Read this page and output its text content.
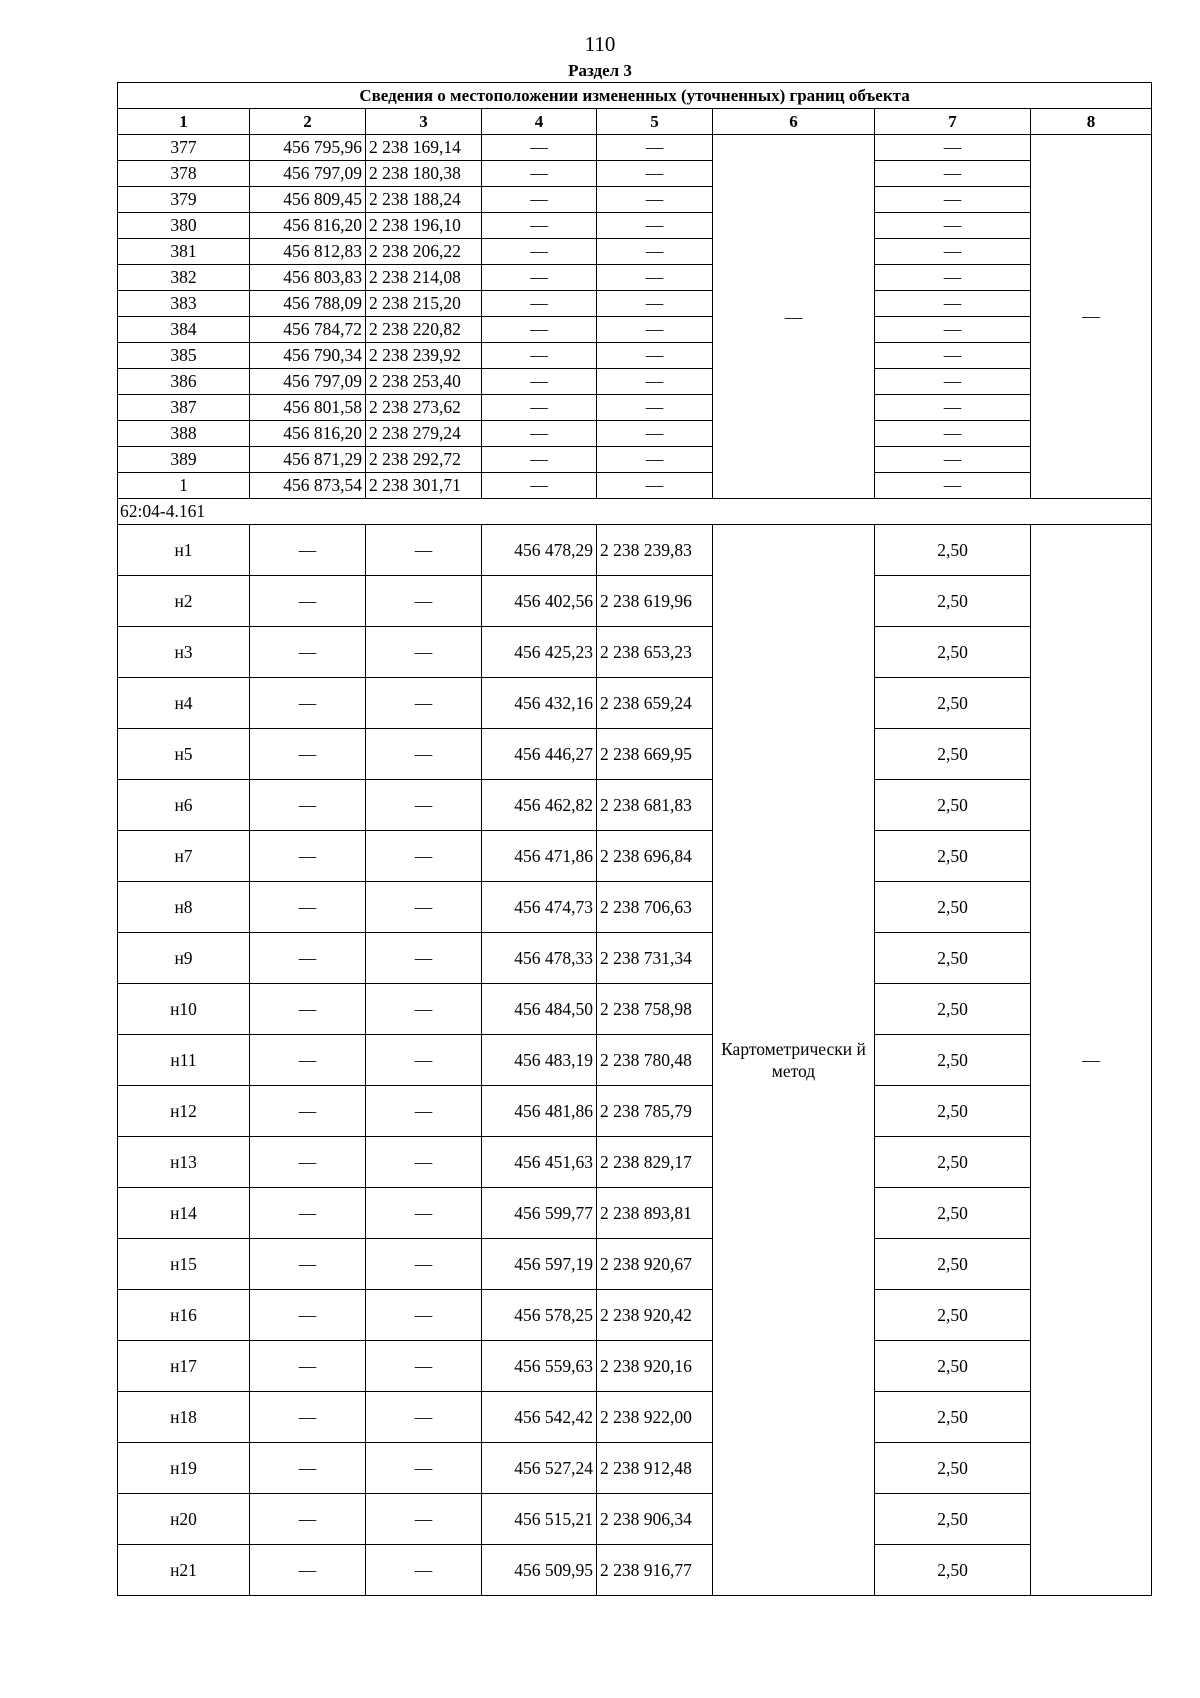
110
Раздел 3
Сведения о местоположении измененных (уточненных) границ объекта							
1	2	3	4	5	6	7	8
377	456 795,96	2 238 169,14	—	—	—	—	—
378	456 797,09	2 238 180,38	—	—		—	
379	456 809,45	2 238 188,24	—	—		—	
380	456 816,20	2 238 196,10	—	—		—	
381	456 812,83	2 238 206,22	—	—		—	
382	456 803,83	2 238 214,08	—	—		—	
383	456 788,09	2 238 215,20	—	—		—	
384	456 784,72	2 238 220,82	—	—		—	
385	456 790,34	2 238 239,92	—	—		—	
386	456 797,09	2 238 253,40	—	—		—	
387	456 801,58	2 238 273,62	—	—		—	
388	456 816,20	2 238 279,24	—	—		—	
389	456 871,29	2 238 292,72	—	—		—	
1	456 873,54	2 238 301,71	—	—		—	
62:04-4.161							
н1	—	—	456 478,29	2 238 239,83	Картометрически й метод	2,50	—
н2	—	—	456 402,56	2 238 619,96		2,50	
н3	—	—	456 425,23	2 238 653,23		2,50	
н4	—	—	456 432,16	2 238 659,24		2,50	
н5	—	—	456 446,27	2 238 669,95		2,50	
н6	—	—	456 462,82	2 238 681,83		2,50	
н7	—	—	456 471,86	2 238 696,84		2,50	
н8	—	—	456 474,73	2 238 706,63		2,50	
н9	—	—	456 478,33	2 238 731,34		2,50	
н10	—	—	456 484,50	2 238 758,98		2,50	
н11	—	—	456 483,19	2 238 780,48		2,50	
н12	—	—	456 481,86	2 238 785,79		2,50	
н13	—	—	456 451,63	2 238 829,17		2,50	
н14	—	—	456 599,77	2 238 893,81		2,50	
н15	—	—	456 597,19	2 238 920,67		2,50	
н16	—	—	456 578,25	2 238 920,42		2,50	
н17	—	—	456 559,63	2 238 920,16		2,50	
н18	—	—	456 542,42	2 238 922,00		2,50	
н19	—	—	456 527,24	2 238 912,48		2,50	
н20	—	—	456 515,21	2 238 906,34		2,50	
н21	—	—	456 509,95	2 238 916,77		2,50	
